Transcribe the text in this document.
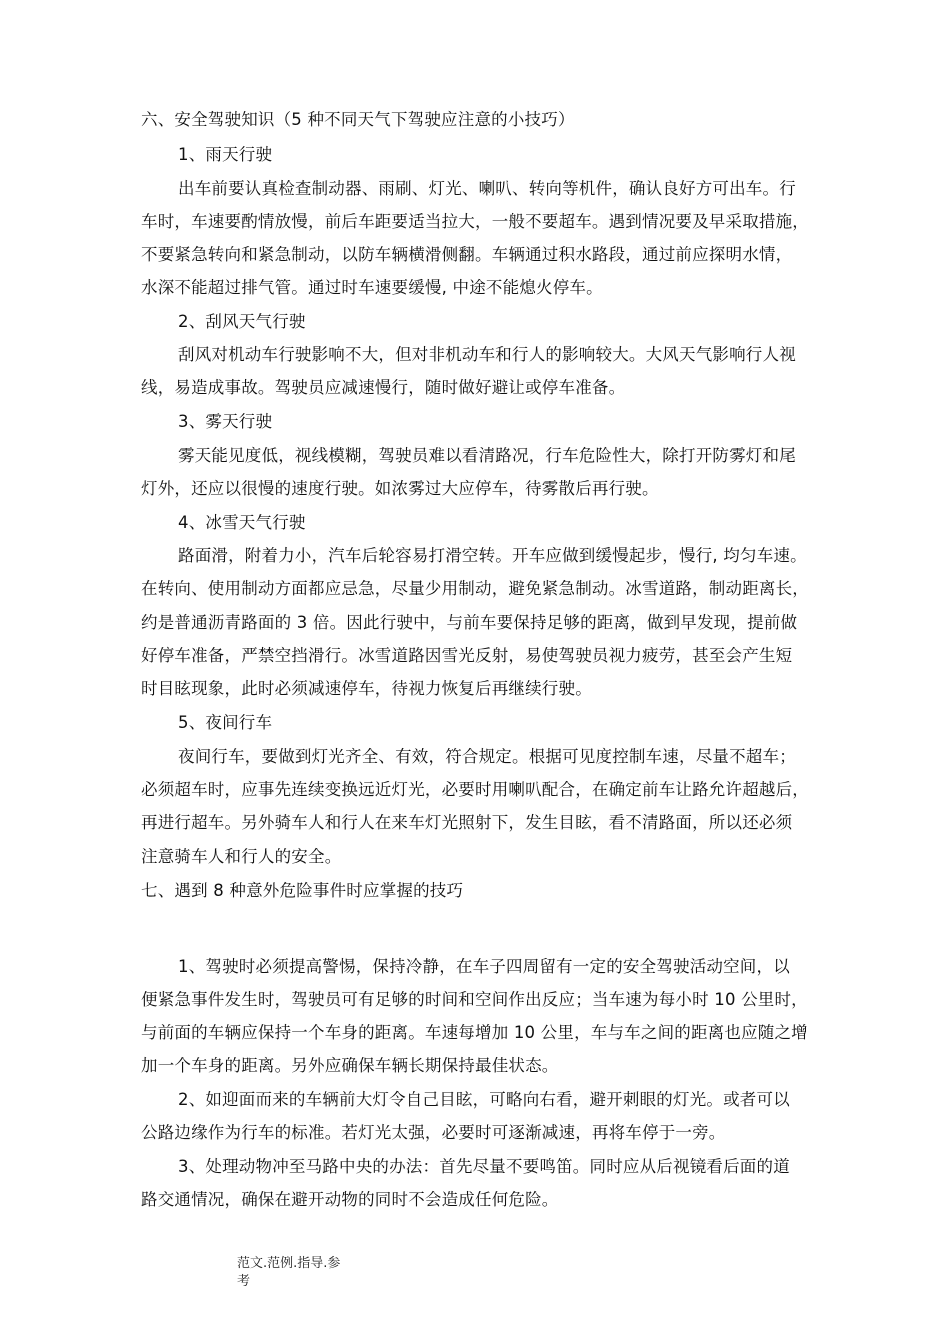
六、安全驾驶知识（5 种不同天气下驾驶应注意的小技巧）
1、雨天行驶
出车前要认真检查制动器、雨刷、灯光、喇叭、转向等机件，确认良好方可出车。行
车时，车速要酌情放慢，前后车距要适当拉大，一般不要超车。遇到情况要及早采取措施，
不要紧急转向和紧急制动，以防车辆横滑侧翻。车辆通过积水路段，通过前应探明水情，
水深不能超过排气管。通过时车速要缓慢, 中途不能熄火停车。
2、刮风天气行驶
刮风对机动车行驶影响不大，但对非机动车和行人的影响较大。大风天气影响行人视
线，易造成事故。驾驶员应减速慢行，随时做好避让或停车准备。
3、雾天行驶
雾天能见度低，视线模糊，驾驶员难以看清路况，行车危险性大，除打开防雾灯和尾
灯外，还应以很慢的速度行驶。如浓雾过大应停车，待雾散后再行驶。
4、冰雪天气行驶
路面滑，附着力小，汽车后轮容易打滑空转。开车应做到缓慢起步，慢行, 均匀车速。
在转向、使用制动方面都应忌急，尽量少用制动，避免紧急制动。冰雪道路，制动距离长，
约是普通沥青路面的 3 倍。因此行驶中，与前车要保持足够的距离，做到早发现，提前做
好停车准备，严禁空挡滑行。冰雪道路因雪光反射，易使驾驶员视力疲劳，甚至会产生短
时目眩现象，此时必须减速停车，待视力恢复后再继续行驶。
5、夜间行车
夜间行车，要做到灯光齐全、有效，符合规定。根据可见度控制车速，尽量不超车；
必须超车时，应事先连续变换远近灯光，必要时用喇叭配合，在确定前车让路允许超越后，
再进行超车。另外骑车人和行人在来车灯光照射下，发生目眩，看不清路面，所以还必须
注意骑车人和行人的安全。
七、遇到 8 种意外危险事件时应掌握的技巧
1、驾驶时必须提高警惕，保持冷静，在车子四周留有一定的安全驾驶活动空间，以
便紧急事件发生时，驾驶员可有足够的时间和空间作出反应；当车速为每小时 10 公里时，
与前面的车辆应保持一个车身的距离。车速每增加 10 公里，车与车之间的距离也应随之增
加一个车身的距离。另外应确保车辆长期保持最佳状态。
2、如迎面而来的车辆前大灯令自己目眩，可略向右看，避开刺眼的灯光。或者可以
公路边缘作为行车的标准。若灯光太强，必要时可逐渐减速，再将车停于一旁。
3、处理动物冲至马路中央的办法：首先尽量不要鸣笛。同时应从后视镜看后面的道
路交通情况，确保在避开动物的同时不会造成任何危险。
范文.范例.指导.参
考
